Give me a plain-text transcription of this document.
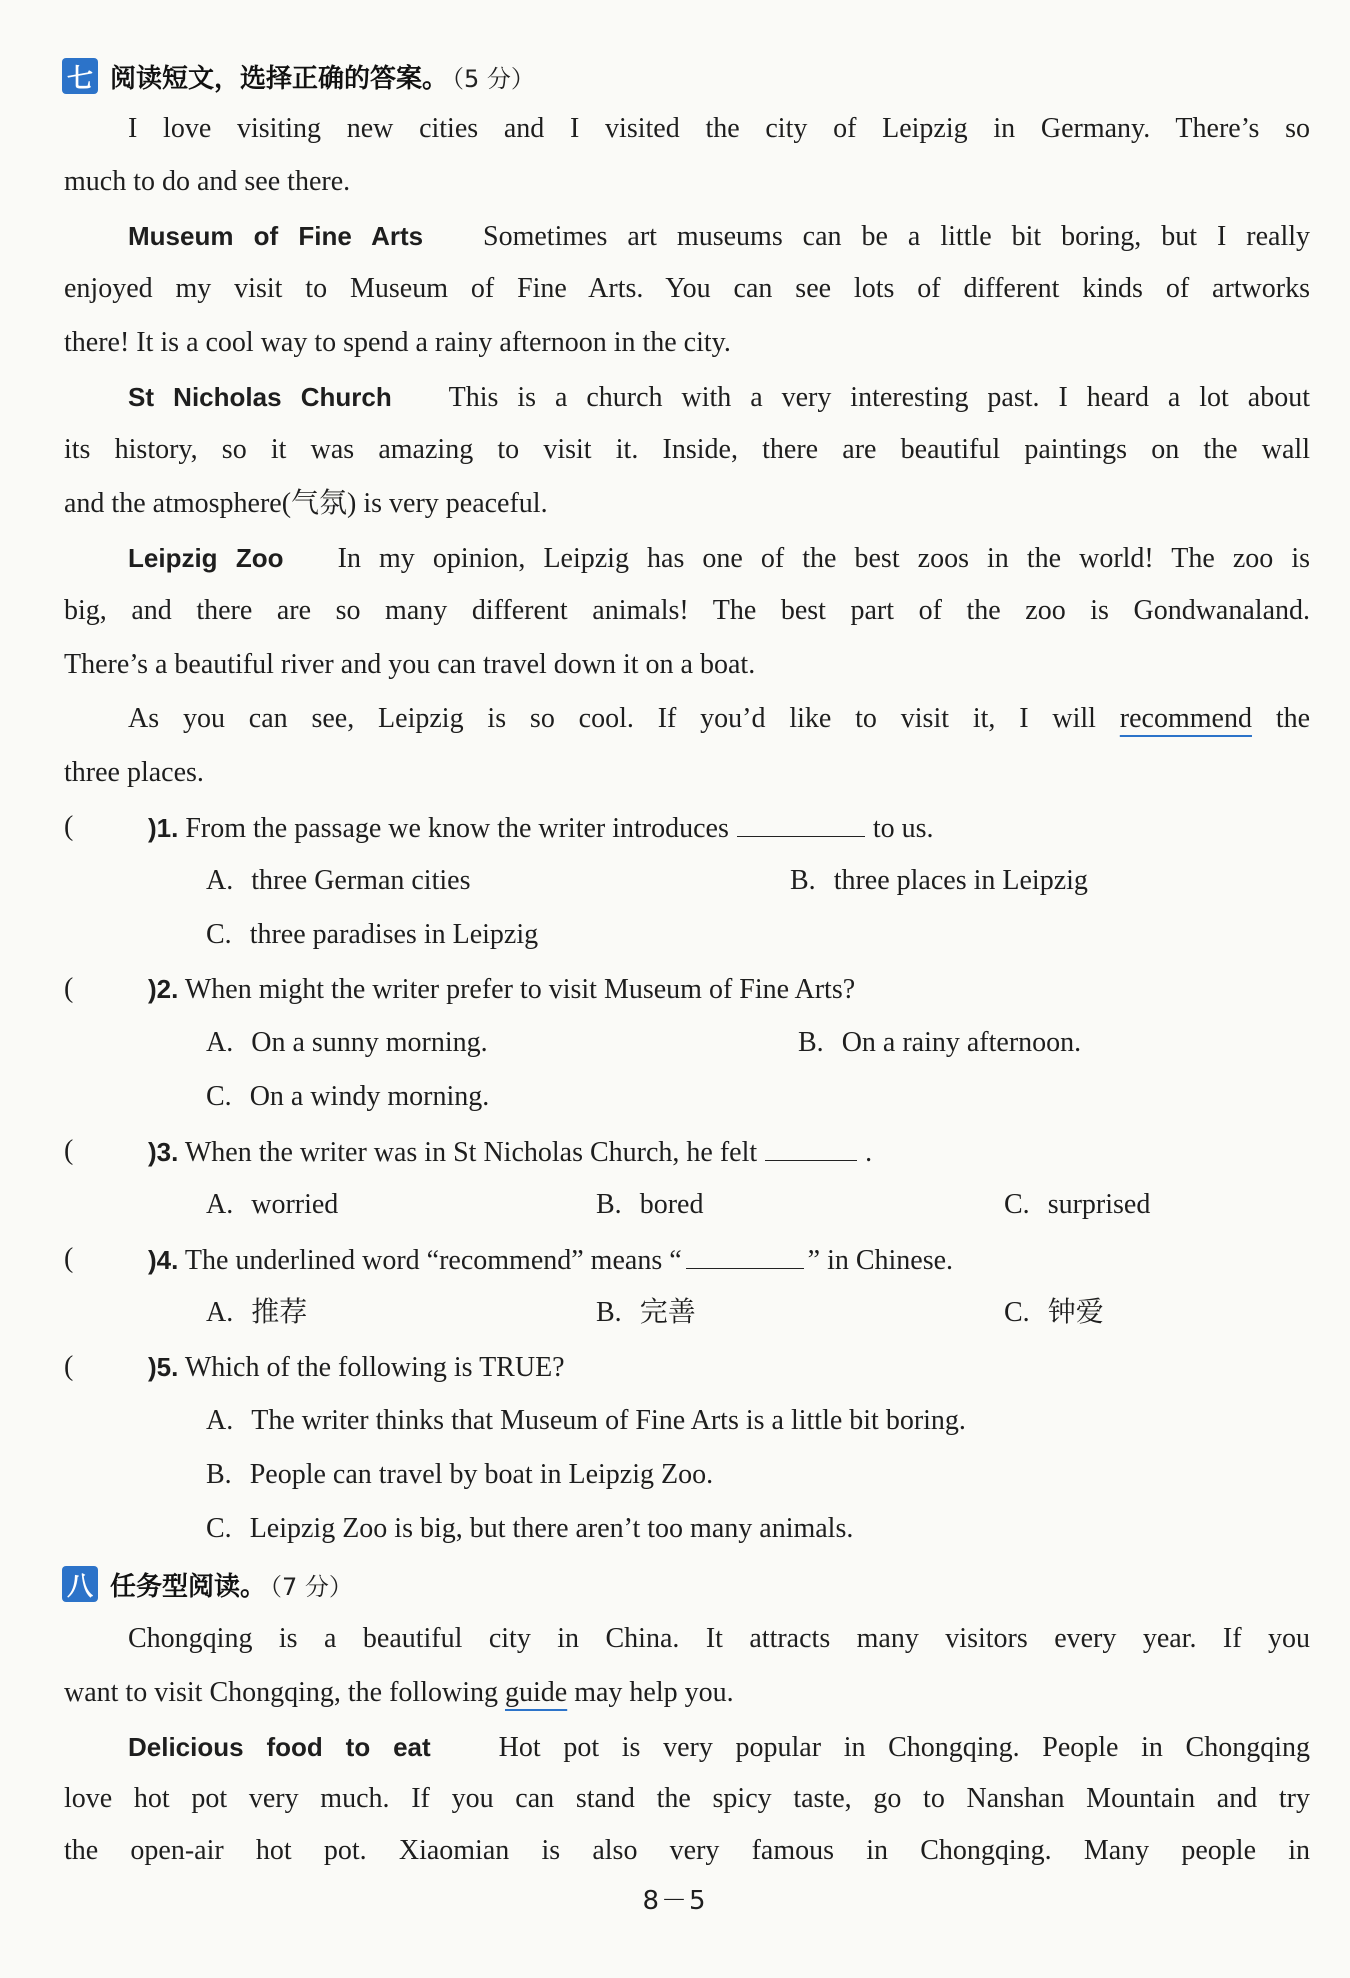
七 阅读短文，选择正确的答案。 （5 分）
I love visiting new cities and I visited the city of Leipzig in Germany. There’s so
much to do and see there.
Museum of Fine Arts Sometimes art museums can be a little bit boring, but I really
enjoyed my visit to Museum of Fine Arts. You can see lots of different kinds of artworks
there! It is a cool way to spend a rainy afternoon in the city.
St Nicholas Church This is a church with a very interesting past. I heard a lot about
its history, so it was amazing to visit it. Inside, there are beautiful paintings on the wall
and the atmosphere(气氛) is very peaceful.
Leipzig Zoo In my opinion, Leipzig has one of the best zoos in the world! The zoo is
big, and there are so many different animals! The best part of the zoo is Gondwanaland.
There’s a beautiful river and you can travel down it on a boat.
As you can see, Leipzig is so cool. If you’d like to visit it, I will recommend the
three places.
(	)1. From the passage we know the writer introduces	to us.
A. three German cities	B. three places in Leipzig
C. three paradises in Leipzig
(	)2. When might the writer prefer to visit Museum of Fine Arts?
A. On a sunny morning.	B. On a rainy afternoon.
C. On a windy morning.
(	)3. When the writer was in St Nicholas Church, he felt	.
A. worried	B. bored	C. surprised
(	)4. The underlined word “recommend” means “	” in Chinese.
A. 推荐	B. 完善	C. 钟爱
(	)5. Which of the following is TRUE?
A. The writer thinks that Museum of Fine Arts is a little bit boring.
B. People can travel by boat in Leipzig Zoo.
C. Leipzig Zoo is big, but there aren’t too many animals.
八 任务型阅读。 （7 分）
Chongqing is a beautiful city in China. It attracts many visitors every year. If you
want to visit Chongqing, the following guide may help you.
Delicious food to eat Hot pot is very popular in Chongqing. People in Chongqing
love hot pot very much. If you can stand the spicy taste, go to Nanshan Mountain and try
the open-air hot pot. Xiaomian is also very famous in Chongqing. Many people in
8－5
